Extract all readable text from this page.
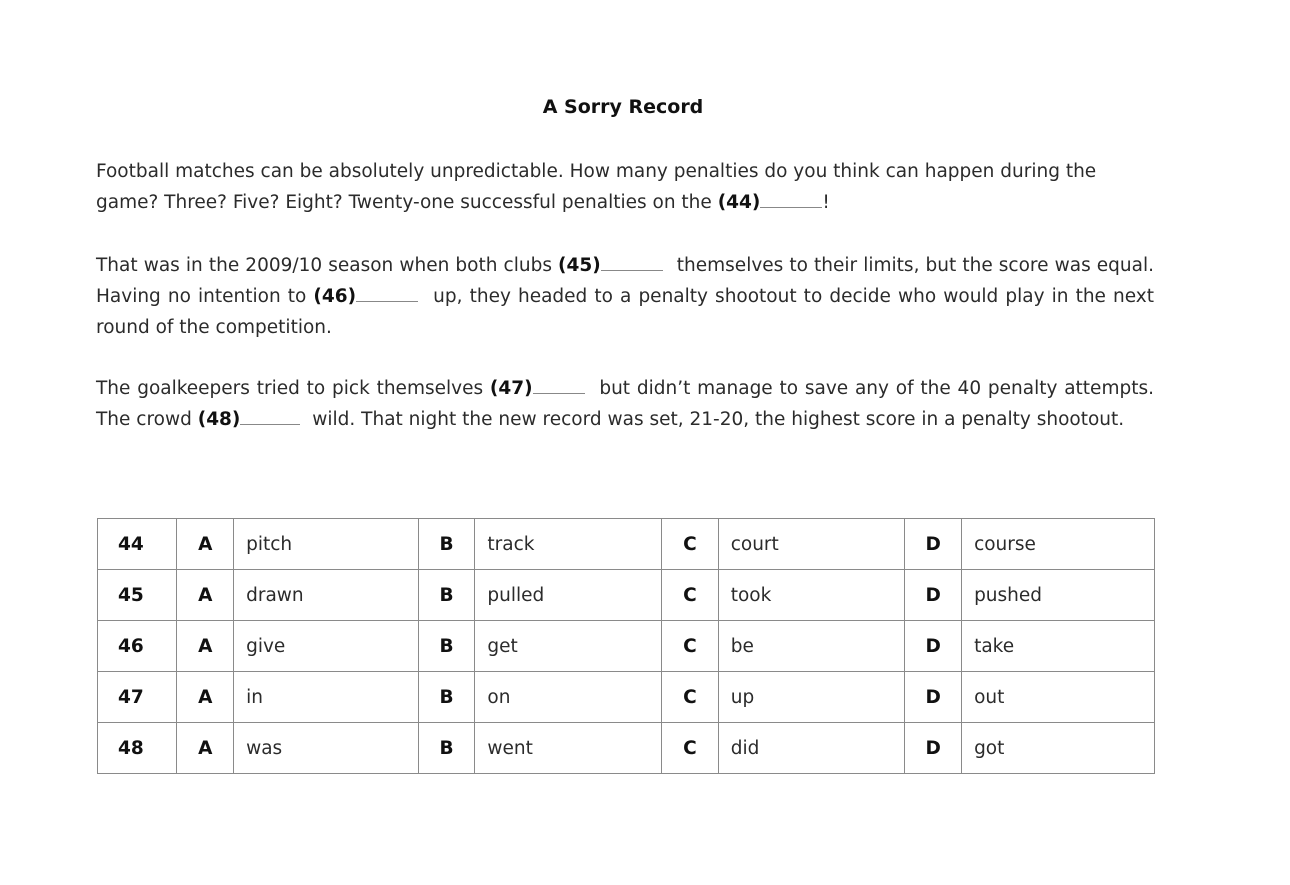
A Sorry Record

Football matches can be absolutely unpredictable. How many penalties do you think can happen during the game? Three? Five? Eight? Twenty-one successful penalties on the (44)	!

That was in the 2009/10 season when both clubs (45)	themselves to their limits, but the score was equal. Having no intention to (46)	up, they headed to a penalty shootout to decide who would play in the next round of the competition.

The goalkeepers tried to pick themselves (47)	but didn’t manage to save any of the 40 penalty attempts. The crowd (48)	wild. That night the new record was set, 21-20, the highest score in a penalty shootout.

44	A	pitch	B	track	C	court	D	course
45	A	drawn	B	pulled	C	took	D	pushed
46	A	give	B	get	C	be	D	take
47	A	in	B	on	C	up	D	out
48	A	was	B	went	C	did	D	got
